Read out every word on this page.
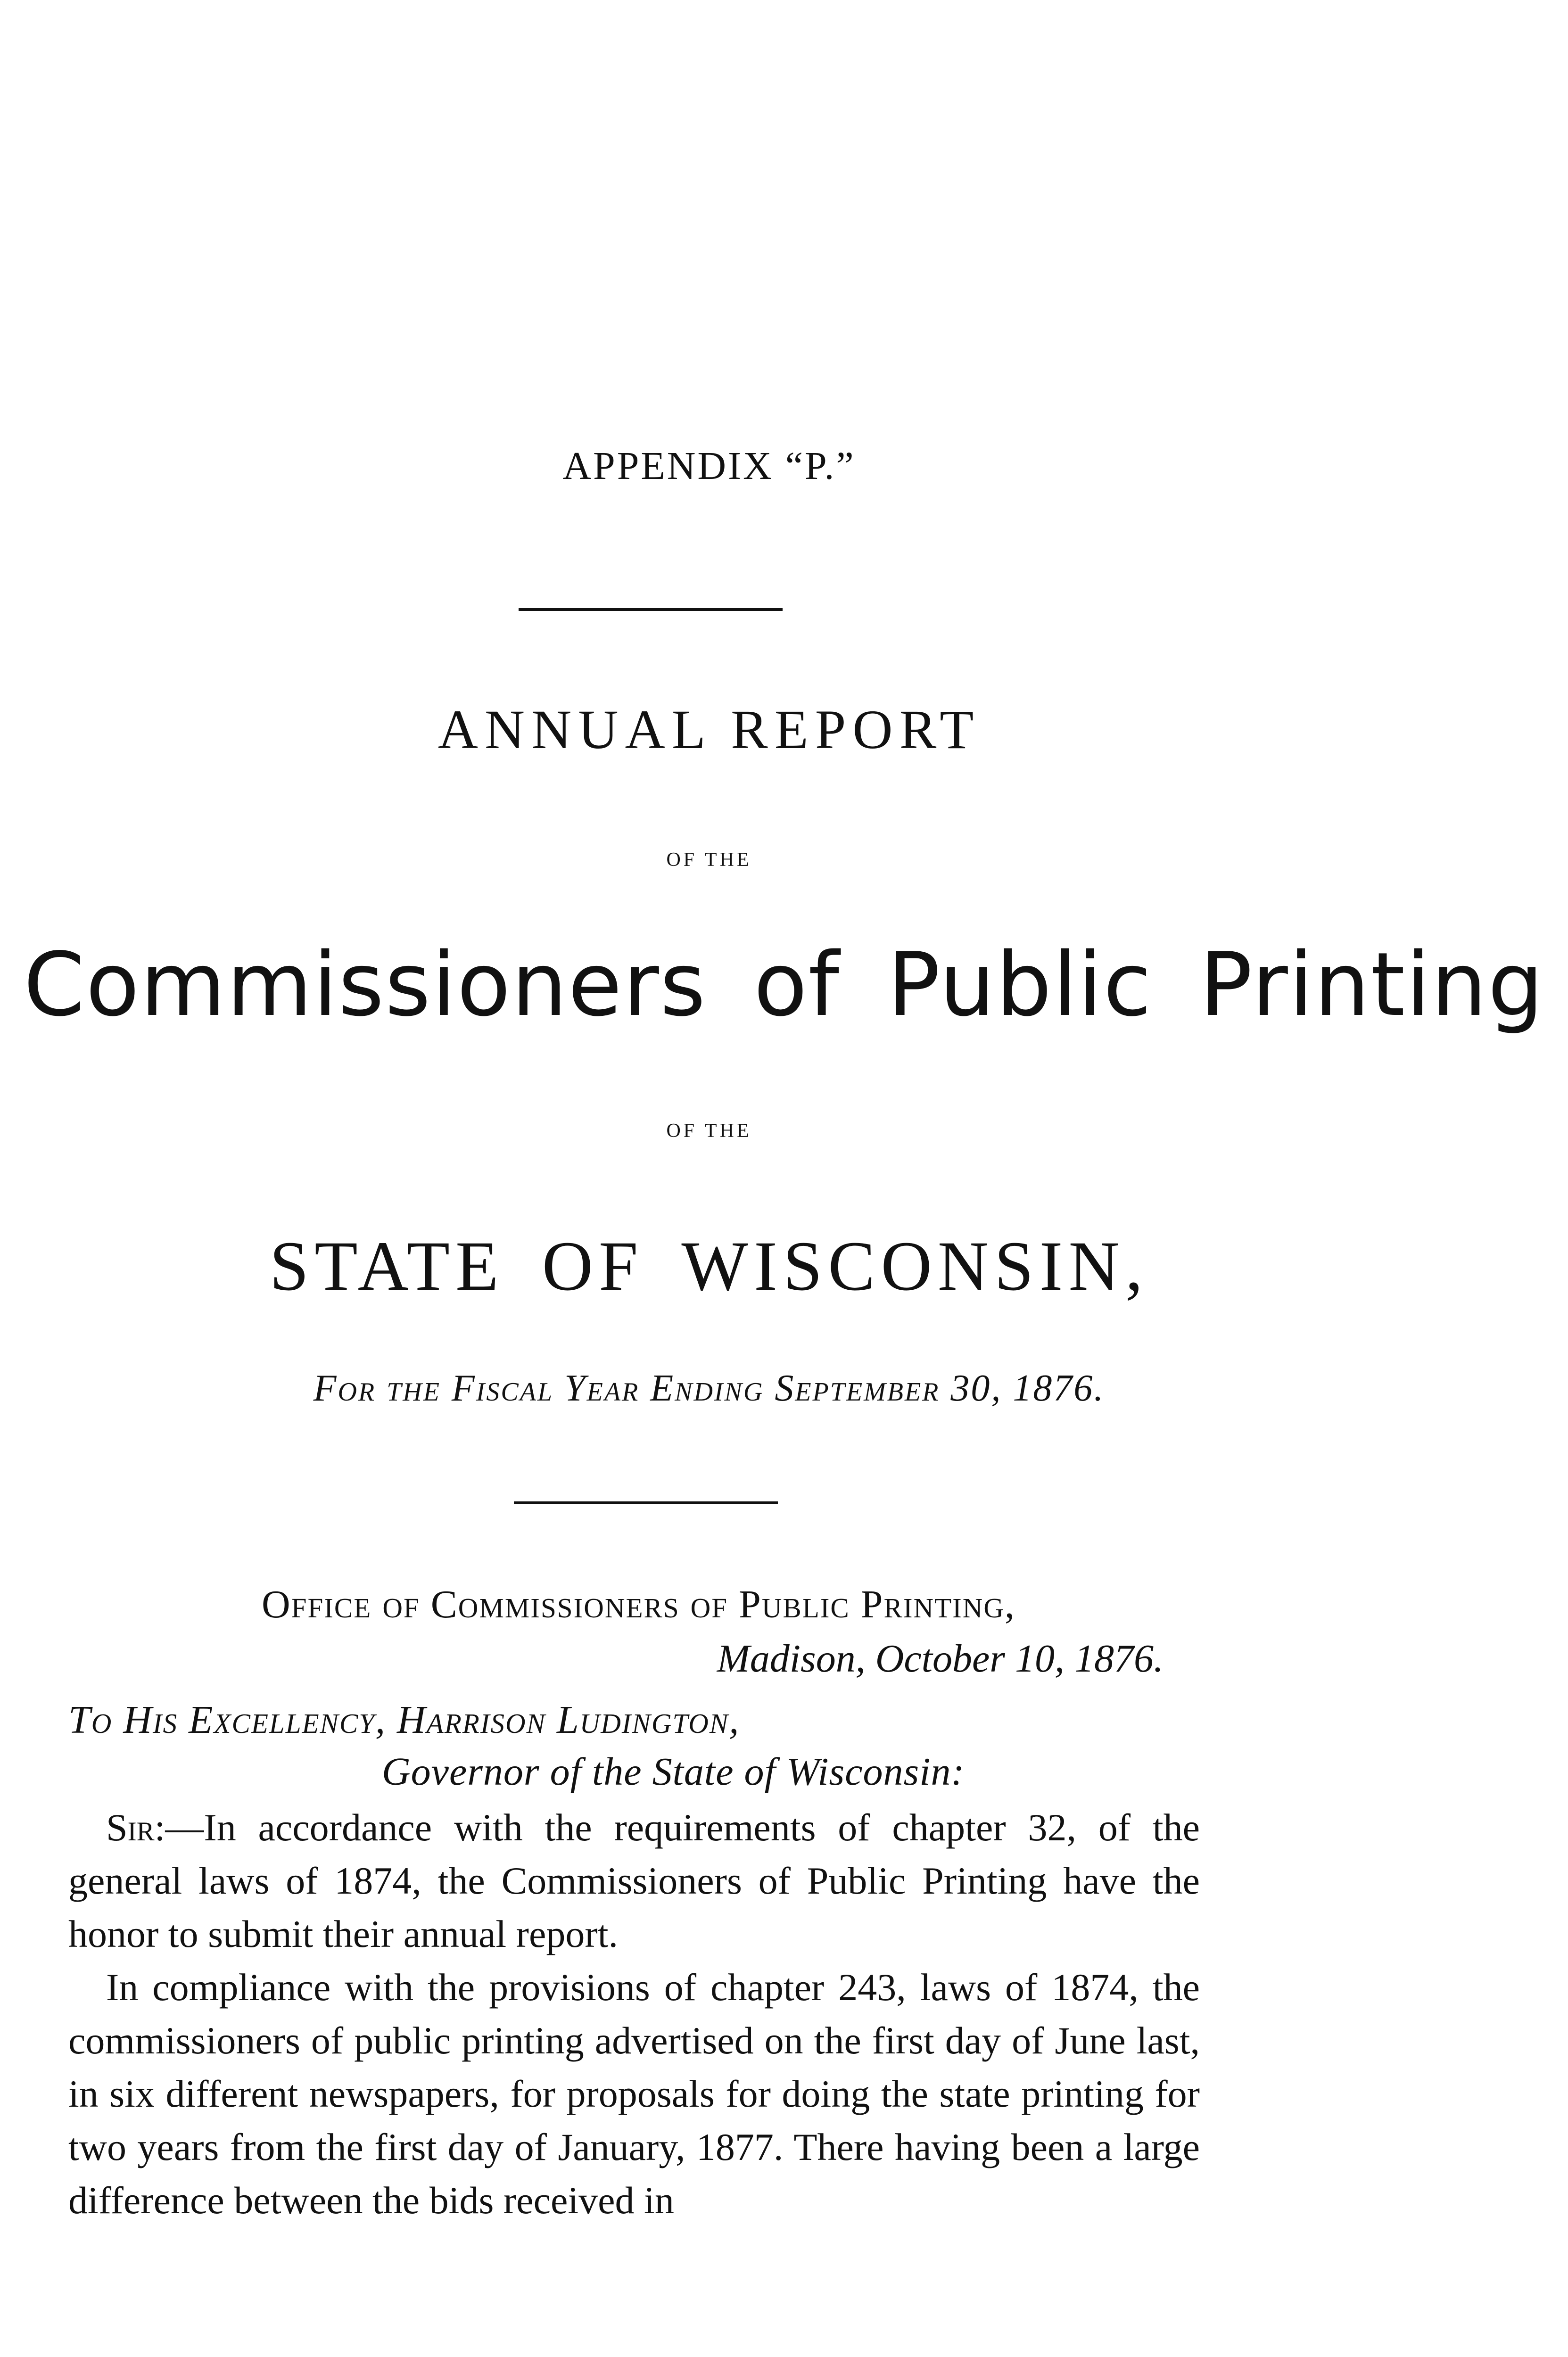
APPENDIX “P.”
ANNUAL REPORT
OF THE
Commissioners of Public Printing
OF THE
STATE OF WISCONSIN,
For the Fiscal Year Ending September 30, 1876.
Office of Commissioners of Public Printing,
Madison, October 10, 1876.
To His Excellency, Harrison Ludington,
Governor of the State of Wisconsin:

Sir:—In accordance with the requirements of chapter 32, of the general laws of 1874, the Commissioners of Public Printing have the honor to submit their annual report.

In compliance with the provisions of chapter 243, laws of 1874, the commissioners of public printing advertised on the first day of June last, in six different newspapers, for proposals for doing the state printing for two years from the first day of January, 1877. There having been a large difference between the bids received in
